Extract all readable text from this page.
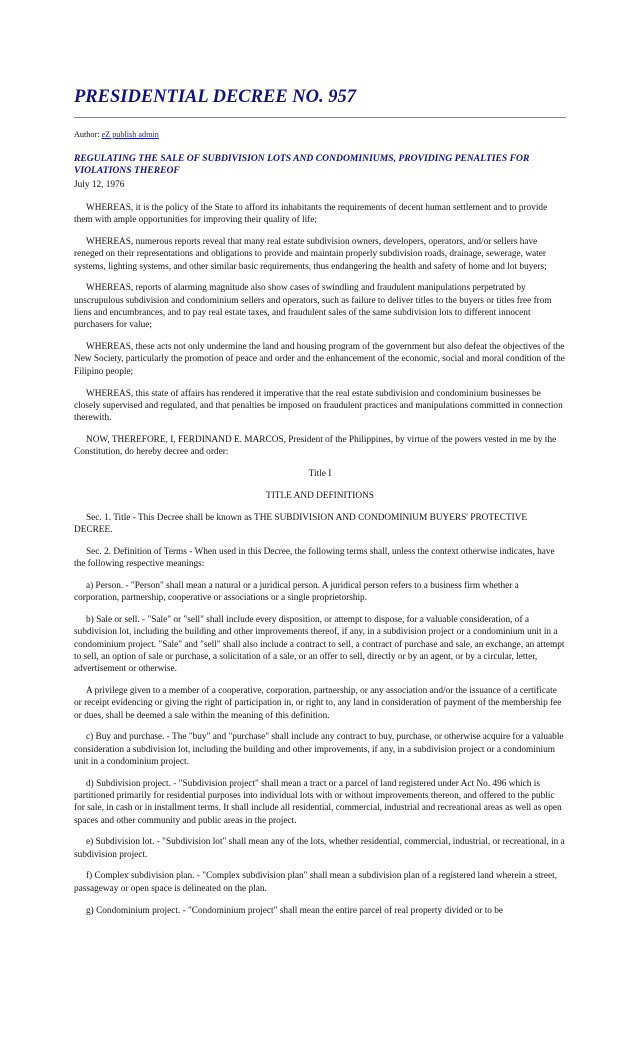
PRESIDENTIAL DECREE NO. 957
Author: eZ publish admin
REGULATING THE SALE OF SUBDIVISION LOTS AND CONDOMINIUMS, PROVIDING PENALTIES FOR VIOLATIONS THEREOF
July 12, 1976

WHEREAS, it is the policy of the State to afford its inhabitants the requirements of decent human settlement and to provide them with ample opportunities for improving their quality of life;

WHEREAS, numerous reports reveal that many real estate subdivision owners, developers, operators, and/or sellers have reneged on their representations and obligations to provide and maintain properly subdivision roads, drainage, sewerage, water systems, lighting systems, and other similar basic requirements, thus endangering the health and safety of home and lot buyers;

WHEREAS, reports of alarming magnitude also show cases of swindling and fraudulent manipulations perpetrated by unscrupulous subdivision and condominium sellers and operators, such as failure to deliver titles to the buyers or titles free from liens and encumbrances, and to pay real estate taxes, and fraudulent sales of the same subdivision lots to different innocent purchasers for value;

WHEREAS, these acts not only undermine the land and housing program of the government but also defeat the objectives of the New Society, particularly the promotion of peace and order and the enhancement of the economic, social and moral condition of the Filipino people;

WHEREAS, this state of affairs has rendered it imperative that the real estate subdivision and condominium businesses be closely supervised and regulated, and that penalties be imposed on fraudulent practices and manipulations committed in connection therewith.

NOW, THEREFORE, I, FERDINAND E. MARCOS, President of the Philippines, by virtue of the powers vested in me by the Constitution, do hereby decree and order:

Title I

TITLE AND DEFINITIONS

Sec. 1. Title - This Decree shall be known as THE SUBDIVISION AND CONDOMINIUM BUYERS' PROTECTIVE DECREE.

Sec. 2. Definition of Terms - When used in this Decree, the following terms shall, unless the context otherwise indicates, have the following respective meanings:

a) Person. - "Person" shall mean a natural or a juridical person. A juridical person refers to a business firm whether a corporation, partnership, cooperative or associations or a single proprietorship.

b) Sale or sell. - "Sale" or "sell" shall include every disposition, or attempt to dispose, for a valuable consideration, of a subdivision lot, including the building and other improvements thereof, if any, in a subdivision project or a condominium unit in a condominium project. "Sale" and "sell" shall also include a contract to sell, a contract of purchase and sale, an exchange, an attempt to sell, an option of sale or purchase, a solicitation of a sale, or an offer to sell, directly or by an agent, or by a circular, letter, advertisement or otherwise.

A privilege given to a member of a cooperative, corporation, partnership, or any association and/or the issuance of a certificate or receipt evidencing or giving the right of participation in, or right to, any land in consideration of payment of the membership fee or dues, shall be deemed a sale within the meaning of this definition.

c) Buy and purchase. - The "buy" and "purchase" shall include any contract to buy, purchase, or otherwise acquire for a valuable consideration a subdivision lot, including the building and other improvements, if any, in a subdivision project or a condominium unit in a condominium project.

d) Subdivision project. - "Subdivision project" shall mean a tract or a parcel of land registered under Act No. 496 which is partitioned primarily for residential purposes into individual lots with or without improvements thereon, and offered to the public for sale, in cash or in installment terms. It shall include all residential, commercial, industrial and recreational areas as well as open spaces and other community and public areas in the project.

e) Subdivision lot. - "Subdivision lot" shall mean any of the lots, whether residential, commercial, industrial, or recreational, in a subdivision project.

f) Complex subdivision plan. - "Complex subdivision plan" shall mean a subdivision plan of a registered land wherein a street, passageway or open space is delineated on the plan.

g) Condominium project. - "Condominium project" shall mean the entire parcel of real property divided or to be
